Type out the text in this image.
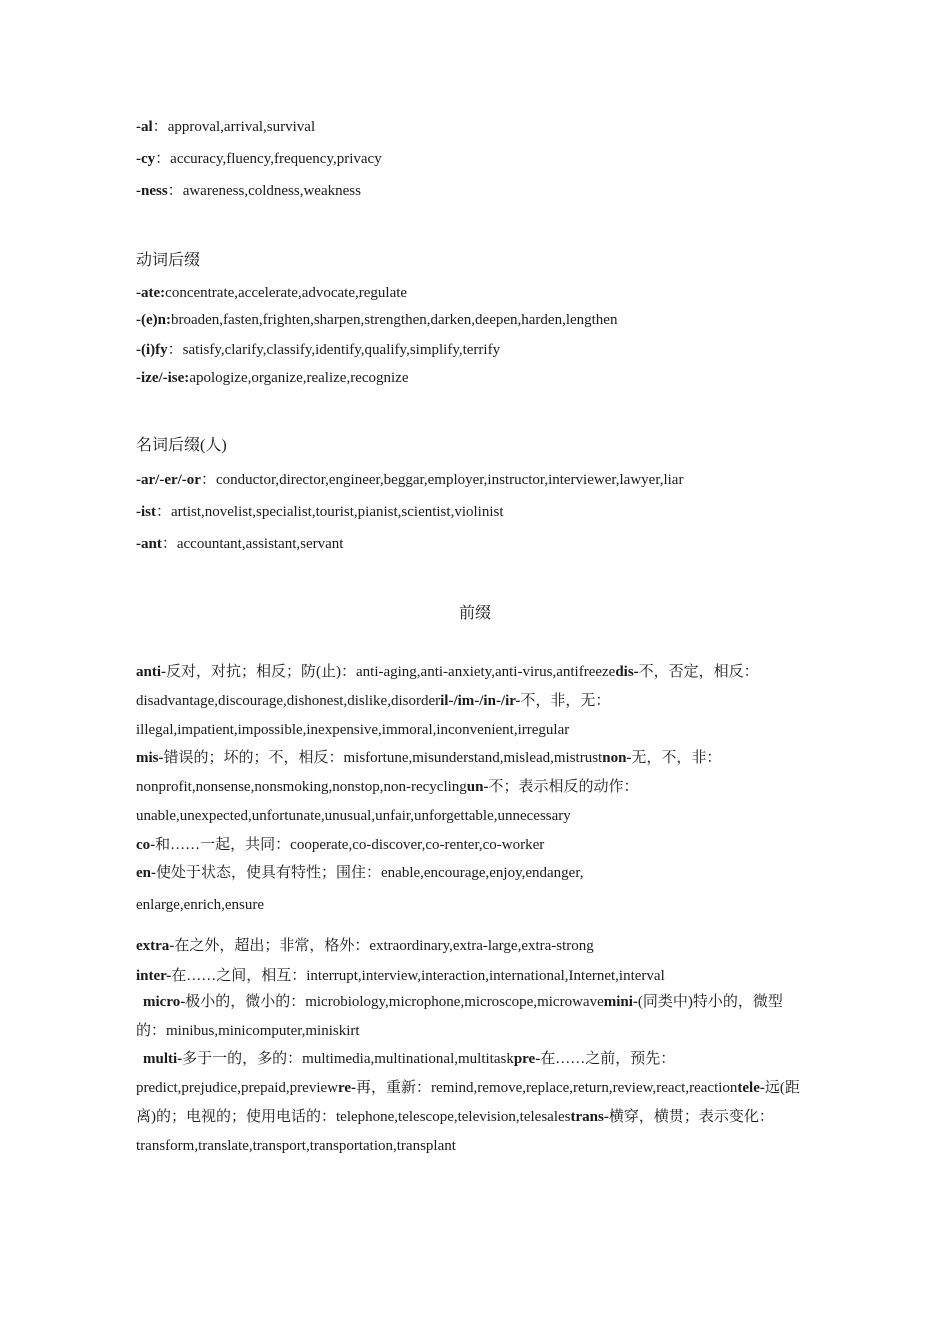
-al：approval,arrival,survival
-cy：accuracy,fluency,frequency,privacy
-ness：awareness,coldness,weakness
动词后缀
-ate:concentrate,accelerate,advocate,regulate
-(e)n:broaden,fasten,frighten,sharpen,strengthen,darken,deepen,harden,lengthen
-(i)fy：satisfy,clarify,classify,identify,qualify,simplify,terrify
-ize/-ise:apologize,organize,realize,recognize
名词后缀(人)
-ar/-er/-or：conductor,director,engineer,beggar,employer,instructor,interviewer,lawyer,liar
-ist：artist,novelist,specialist,tourist,pianist,scientist,violinist
-ant：accountant,assistant,servant
前缀
anti-反对，对抗；相反；防(止)：anti-aging,anti-anxiety,anti-virus,antifreezedis-不，否定，相反：
disadvantage,discourage,dishonest,dislike,disorderil-/im-/in-/ir-不，非，无：
illegal,impatient,impossible,inexpensive,immoral,inconvenient,irregular
mis-错误的；坏的；不，相反：misfortune,misunderstand,mislead,mistrustnon-无，不，非：
nonprofit,nonsense,nonsmoking,nonstop,non-recyclingun-不；表示相反的动作：
unable,unexpected,unfortunate,unusual,unfair,unforgettable,unnecessary
co-和……一起，共同：cooperate,co-discover,co-renter,co-worker
en-使处于状态，使具有特性；围住：enable,encourage,enjoy,endanger,
enlarge,enrich,ensure
extra-在之外，超出；非常，格外：extraordinary,extra-large,extra-strong
inter-在……之间，相互：interrupt,interview,interaction,international,Internet,interval
micro-极小的，微小的：microbiology,microphone,microscope,microwavemini-(同类中)特小的，微型
的：minibus,minicomputer,miniskirt
multi-多于一的，多的：multimedia,multinational,multitaskpre-在……之前，预先：
predict,prejudice,prepaid,previewre-再，重新：remind,remove,replace,return,review,react,reactiontele-远(距
离)的；电视的；使用电话的：telephone,telescope,television,telesalestrans-横穿，横贯；表示变化：
transform,translate,transport,transportation,transplant
